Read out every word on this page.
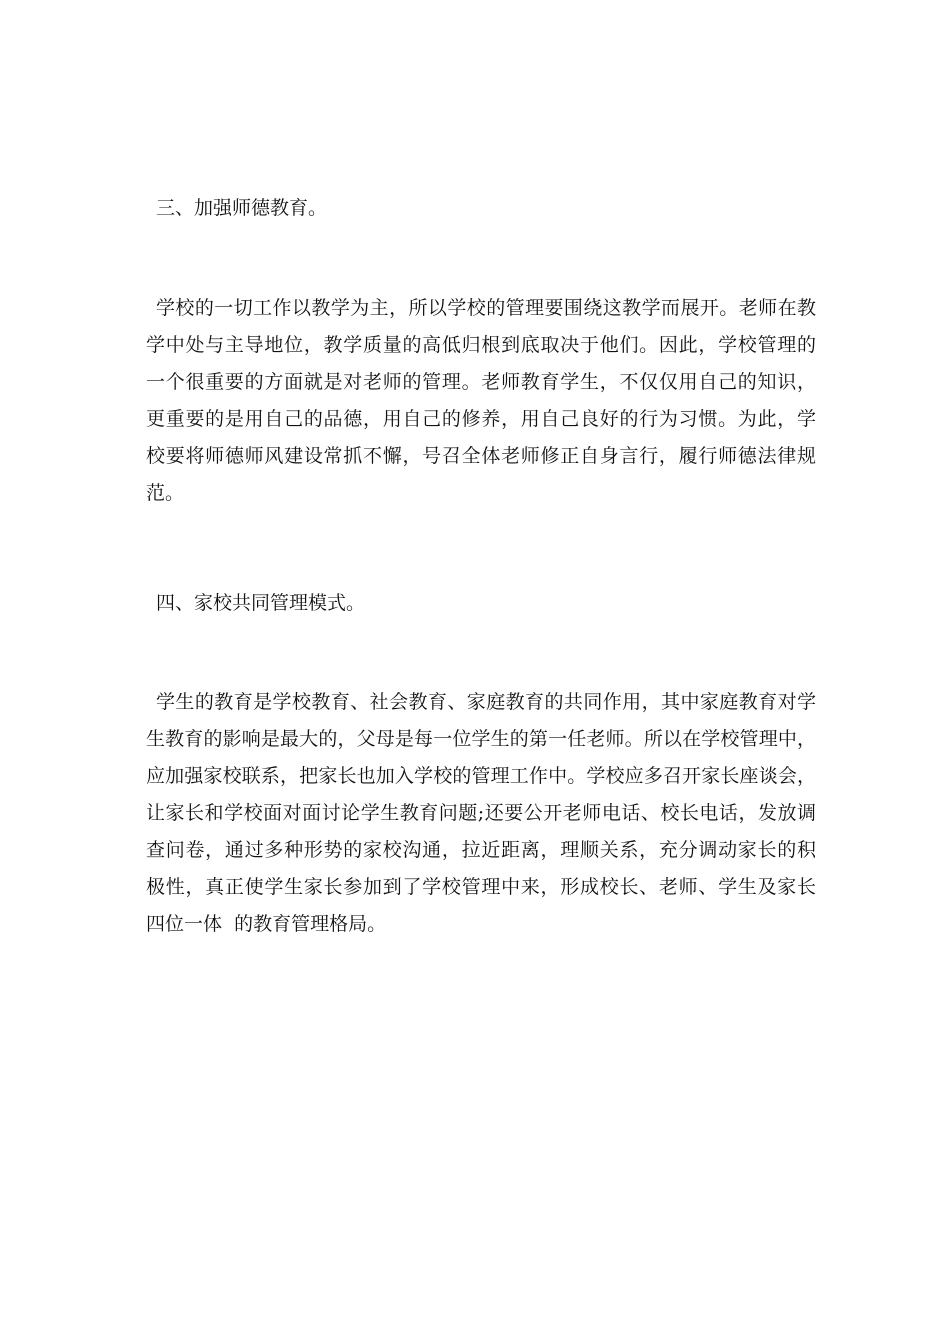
三、加强师德教育。
学校的一切工作以教学为主，所以学校的管理要围绕这教学而展开。老师在教
学中处与主导地位，教学质量的高低归根到底取决于他们。因此，学校管理的
一个很重要的方面就是对老师的管理。老师教育学生，不仅仅用自己的知识，
更重要的是用自己的品德，用自己的修养，用自己良好的行为习惯。为此，学
校要将师德师风建设常抓不懈，号召全体老师修正自身言行，履行师德法律规
范。
四、家校共同管理模式。
学生的教育是学校教育、社会教育、家庭教育的共同作用，其中家庭教育对学
生教育的影响是最大的，父母是每一位学生的第一任老师。所以在学校管理中，
应加强家校联系，把家长也加入学校的管理工作中。学校应多召开家长座谈会，
让家长和学校面对面讨论学生教育问题;还要公开老师电话、校长电话，发放调
查问卷，通过多种形势的家校沟通，拉近距离，理顺关系，充分调动家长的积
极性，真正使学生家长参加到了学校管理中来，形成校长、老师、学生及家长
四位一体  的教育管理格局。
